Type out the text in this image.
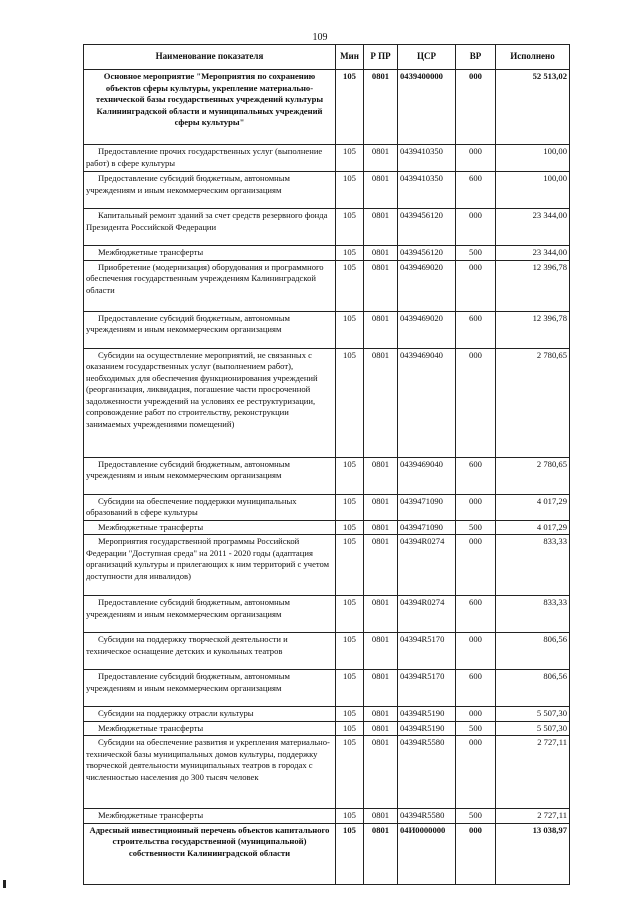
109
Наименование показателя	Мин	Р ПР	ЦСР	ВР	Исполнено
Основное мероприятие "Мероприятия по сохранению объектов сферы культуры, укрепление материально-технической базы государственных учреждений культуры Калининградской области и муниципальных учреждений сферы культуры"	105	0801	0439400000	000	52 513,02
Предоставление прочих государственных услуг (выполнение работ) в сфере культуры	105	0801	0439410350	000	100,00
Предоставление субсидий бюджетным, автономным учреждениям и иным некоммерческим организациям	105	0801	0439410350	600	100,00
Капитальный ремонт зданий за счет средств резервного фонда Президента Российской Федерации	105	0801	0439456120	000	23 344,00
Межбюджетные трансферты	105	0801	0439456120	500	23 344,00
Приобретение (модернизация) оборудования и программного обеспечения государственным учреждениям Калининградской области	105	0801	0439469020	000	12 396,78
Предоставление субсидий бюджетным, автономным учреждениям и иным некоммерческим организациям	105	0801	0439469020	600	12 396,78
Субсидии на осуществление мероприятий, не связанных с оказанием государственных услуг (выполнением работ), необходимых для обеспечения функционирования учреждений (реорганизация, ликвидация, погашение части просроченной задолженности учреждений на условиях ее реструктуризации, сопровождение работ по строительству, реконструкции занимаемых учреждениями помещений)	105	0801	0439469040	000	2 780,65
Предоставление субсидий бюджетным, автономным учреждениям и иным некоммерческим организациям	105	0801	0439469040	600	2 780,65
Субсидии на обеспечение поддержки муниципальных образований в сфере культуры	105	0801	0439471090	000	4 017,29
Межбюджетные трансферты	105	0801	0439471090	500	4 017,29
Мероприятия государственной программы Российской Федерации "Доступная среда" на 2011 - 2020 годы (адаптация организаций культуры и прилегающих к ним территорий с учетом доступности для инвалидов)	105	0801	04394R0274	000	833,33
Предоставление субсидий бюджетным, автономным учреждениям и иным некоммерческим организациям	105	0801	04394R0274	600	833,33
Субсидии на поддержку творческой деятельности и техническое оснащение детских и кукольных театров	105	0801	04394R5170	000	806,56
Предоставление субсидий бюджетным, автономным учреждениям и иным некоммерческим организациям	105	0801	04394R5170	600	806,56
Субсидии на поддержку отрасли культуры	105	0801	04394R5190	000	5 507,30
Межбюджетные трансферты	105	0801	04394R5190	500	5 507,30
Субсидии на обеспечение развития и укрепления материально-технической базы муниципальных домов культуры, поддержку творческой деятельности муниципальных театров в городах с численностью населения до 300 тысяч человек	105	0801	04394R5580	000	2 727,11
Межбюджетные трансферты	105	0801	04394R5580	500	2 727,11
Адресный инвестиционный перечень объектов капитального строительства государственной (муниципальной) собственности Калининградской области	105	0801	04И0000000	000	13 038,97
